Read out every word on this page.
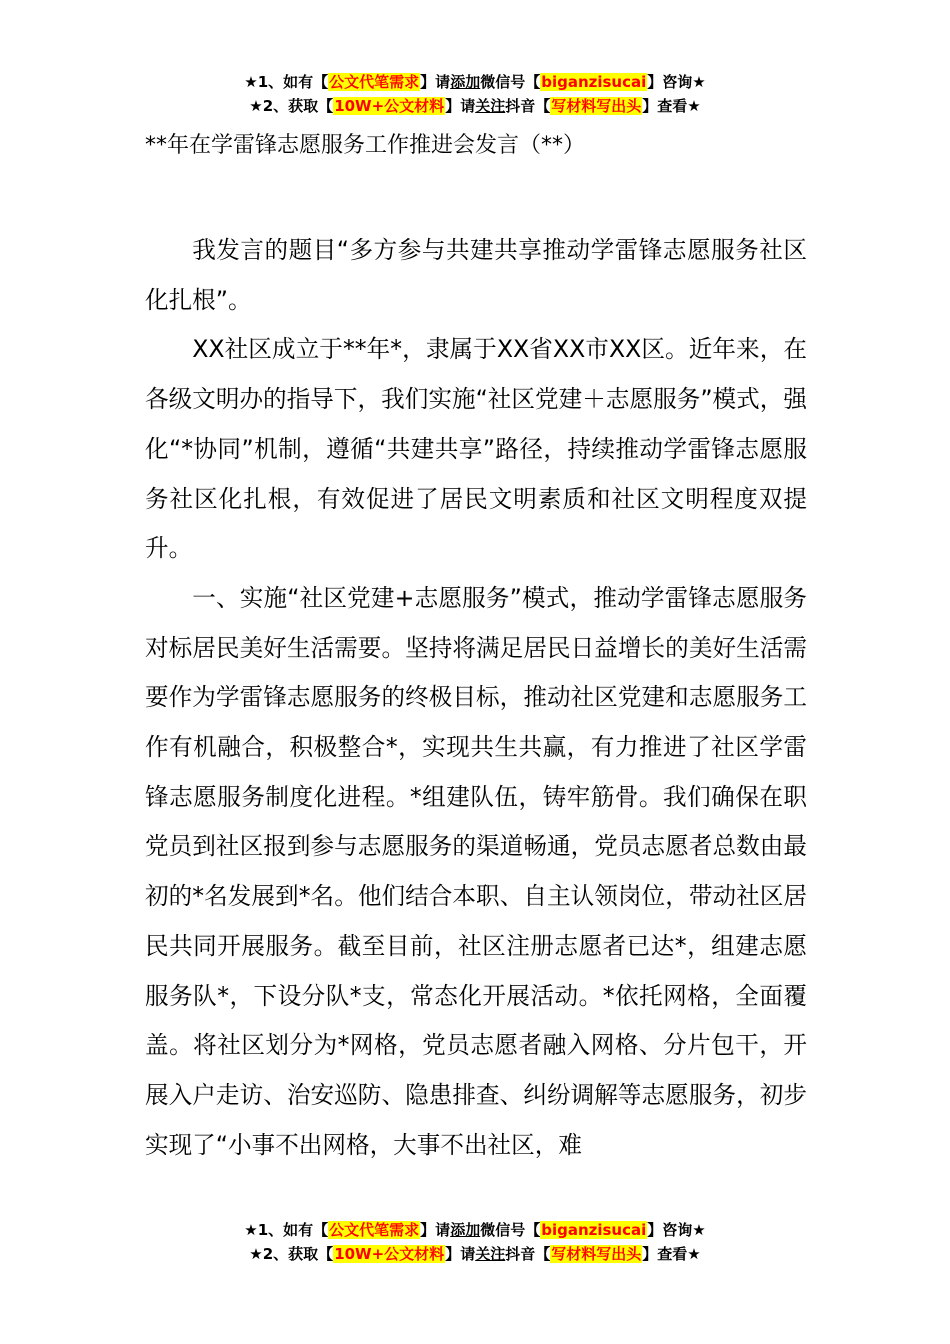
★1、如有【公文代笔需求】请添加微信号【biganzisucai】咨询★
★2、获取【10W+公文材料】请关注抖音【写材料写出头】查看★
**年在学雷锋志愿服务工作推进会发言（**）

我发言的题目“多方参与共建共享推动学雷锋志愿服务社区化扎根”。

XX社区成立于**年*，隶属于XX省XX市XX区。近年来，在各级文明办的指导下，我们实施“社区党建＋志愿服务”模式，强化“*协同”机制，遵循“共建共享”路径，持续推动学雷锋志愿服务社区化扎根，有效促进了居民文明素质和社区文明程度双提升。

一、实施“社区党建+志愿服务”模式，推动学雷锋志愿服务对标居民美好生活需要。坚持将满足居民日益增长的美好生活需要作为学雷锋志愿服务的终极目标，推动社区党建和志愿服务工作有机融合，积极整合*，实现共生共赢，有力推进了社区学雷锋志愿服务制度化进程。*组建队伍，铸牢筋骨。我们确保在职党员到社区报到参与志愿服务的渠道畅通，党员志愿者总数由最初的*名发展到*名。他们结合本职、自主认领岗位，带动社区居民共同开展服务。截至目前，社区注册志愿者已达*，组建志愿服务队*，下设分队*支，常态化开展活动。*依托网格，全面覆盖。将社区划分为*网格，党员志愿者融入网格、分片包干，开展入户走访、治安巡防、隐患排查、纠纷调解等志愿服务，初步实现了“小事不出网格，大事不出社区，难

★1、如有【公文代笔需求】请添加微信号【biganzisucai】咨询★
★2、获取【10W+公文材料】请关注抖音【写材料写出头】查看★
